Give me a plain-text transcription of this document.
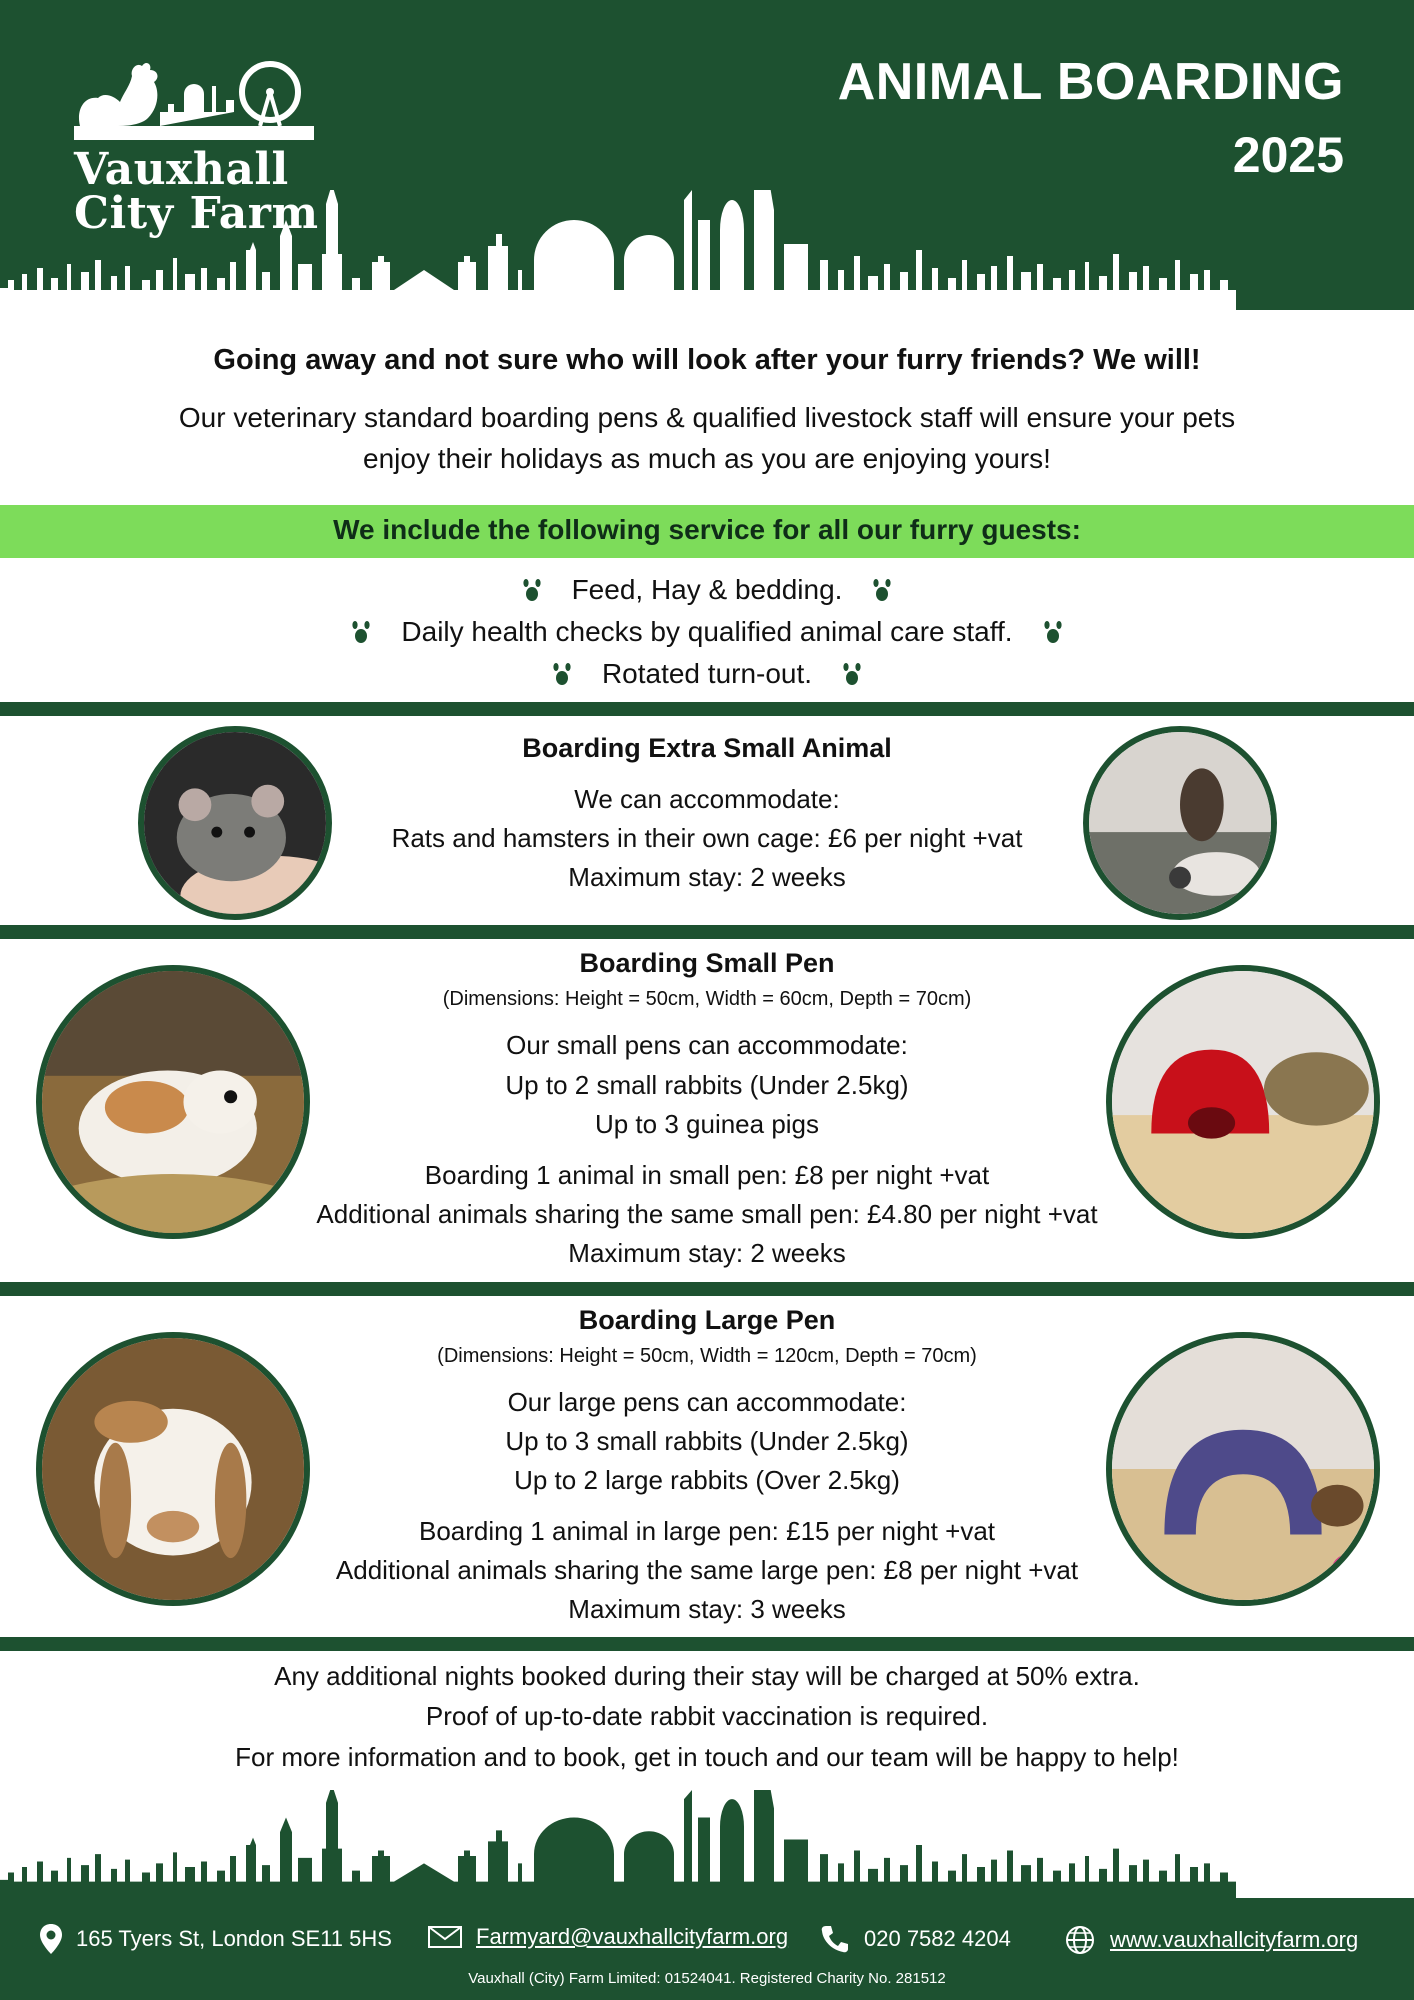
Vauxhall
City Farm
ANIMAL BOARDING
2025
Going away and not sure who will look after your furry friends? We will!
Our veterinary standard boarding pens & qualified livestock staff will ensure your pets
enjoy their holidays as much as you are enjoying yours!
We include the following service for all our furry guests:
Feed, Hay & bedding.
Daily health checks by qualified animal care staff.
Rotated turn-out.
Boarding Extra Small Animal
We can accommodate:
Rats and hamsters in their own cage: £6 per night +vat
Maximum stay: 2 weeks
Boarding Small Pen
(Dimensions: Height = 50cm, Width = 60cm, Depth = 70cm)
Our small pens can accommodate:
Up to 2 small rabbits (Under 2.5kg)
Up to 3 guinea pigs
Boarding 1 animal in small pen: £8 per night +vat
Additional animals sharing the same small pen: £4.80 per night +vat
Maximum stay: 2 weeks
Boarding Large Pen
(Dimensions: Height = 50cm, Width = 120cm, Depth = 70cm)
Our large pens can accommodate:
Up to 3 small rabbits (Under 2.5kg)
Up to 2 large rabbits (Over 2.5kg)
Boarding 1 animal in large pen: £15 per night +vat
Additional animals sharing the same large pen: £8 per night +vat
Maximum stay: 3 weeks
Any additional nights booked during their stay will be charged at 50% extra.
Proof of up-to-date rabbit vaccination is required.
For more information and to book, get in touch and our team will be happy to help!
165 Tyers St, London SE11 5HS	Farmyard@vauxhallcityfarm.org	020 7582 4204	www.vauxhallcityfarm.org
Vauxhall (City) Farm Limited: 01524041. Registered Charity No. 281512
